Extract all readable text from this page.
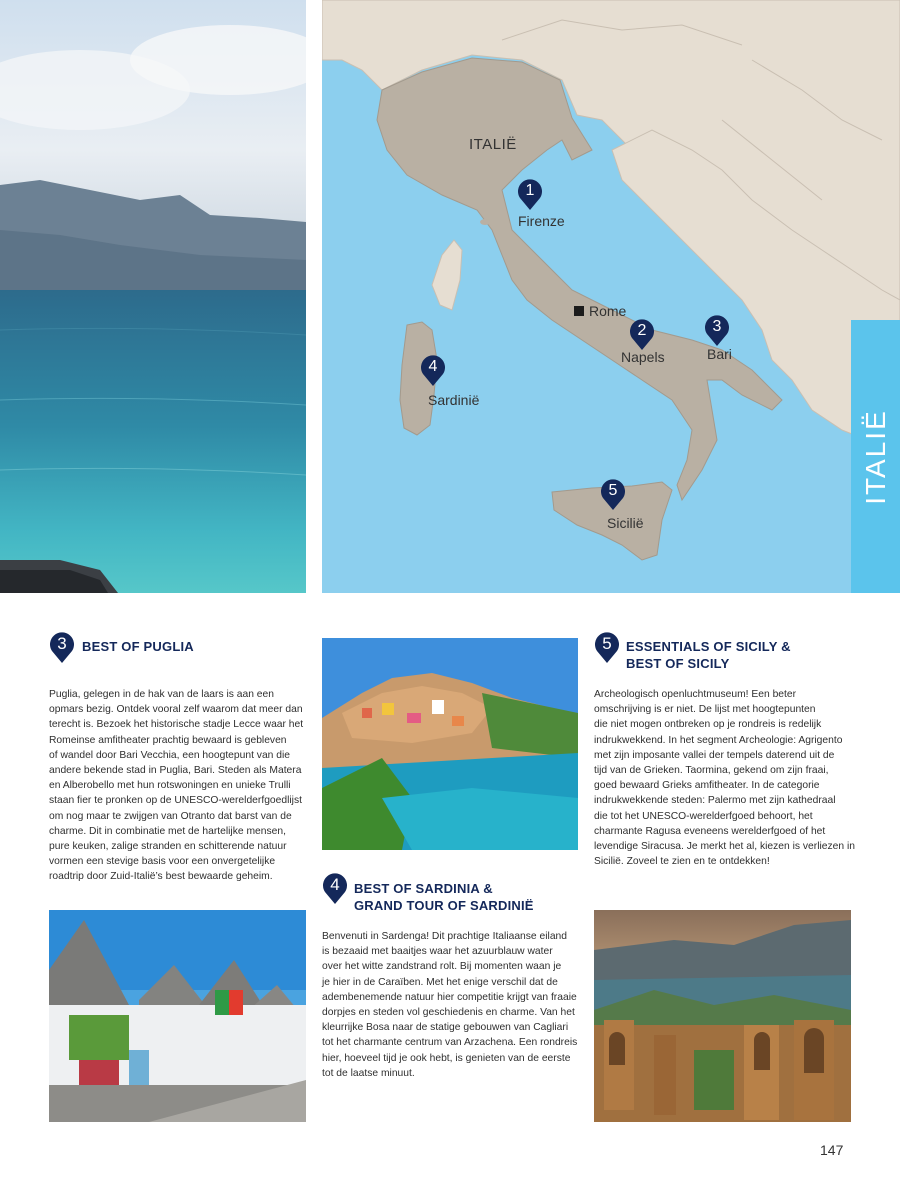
ITALIË
1
Firenze
Rome
2
Napels
3
Bari
4
Sardinië
5
Sicilië
ITALIË
3	BEST OF PUGLIA
Puglia, gelegen in de hak van de laars is aan een
opmars bezig. Ontdek vooral zelf waarom dat meer dan
terecht is. Bezoek het historische stadje Lecce waar het
Romeinse amfitheater prachtig bewaard is gebleven
of wandel door Bari Vecchia, een hoogtepunt van die
andere bekende stad in Puglia, Bari. Steden als Matera
en Alberobello met hun rotswoningen en unieke Trulli
staan fier te pronken op de UNESCO-werelderfgoedlijst
om nog maar te zwijgen van Otranto dat barst van de
charme. Dit in combinatie met de hartelijke mensen,
pure keuken, zalige stranden en schitterende natuur
vormen een stevige basis voor een onvergetelijke
roadtrip door Zuid-Italië’s best bewaarde geheim.	4	BEST OF SARDINIA &
GRAND TOUR OF SARDINIË
Benvenuti in Sardenga! Dit prachtige Italiaanse eiland
is bezaaid met baaitjes waar het azuurblauw water
over het witte zandstrand rolt. Bij momenten waan je
je hier in de Caraïben. Met het enige verschil dat de
adembenemende natuur hier competitie krijgt van fraaie
dorpjes en steden vol geschiedenis en charme. Van het
kleurrijke Bosa naar de statige gebouwen van Cagliari
tot het charmante centrum van Arzachena. Een rondreis
hier, hoeveel tijd je ook hebt, is genieten van de eerste
tot de laatse minuut.
5	ESSENTIALS OF SICILY &
BEST OF SICILY
Archeologisch openluchtmuseum! Een beter
omschrijving is er niet. De lijst met hoogtepunten
die niet mogen ontbreken op je rondreis is redelijk
indrukwekkend. In het segment Archeologie: Agrigento
met zijn imposante vallei der tempels daterend uit de
tijd van de Grieken. Taormina, gekend om zijn fraai,
goed bewaard Grieks amfitheater. In de categorie
indrukwekkende steden: Palermo met zijn kathedraal
die tot het UNESCO-werelderfgoed behoort, het
charmante Ragusa eveneens werelderfgoed of het
levendige Siracusa. Je merkt het al, kiezen is verliezen in
Sicilië. Zoveel te zien en te ontdekken!
147
